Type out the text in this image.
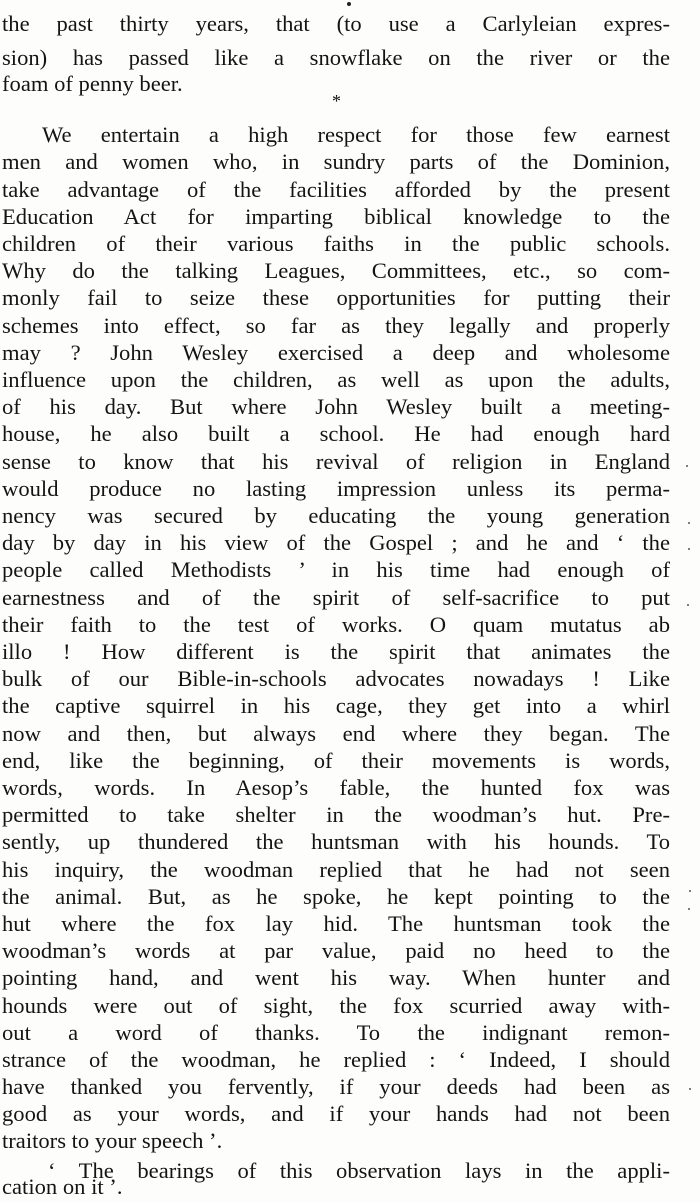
the past thirty years, that (to use a Carlyleian expres-
sion) has passed like a snowflake on the river or the
foam of penny beer.
*
We entertain a high respect for those few earnest
men and women who, in sundry parts of the Dominion,
take advantage of the facilities afforded by the present
Education Act for imparting biblical knowledge to the
children of their various faiths in the public schools.
Why do the talking Leagues, Committees, etc., so com-
monly fail to seize these opportunities for putting their
schemes into effect, so far as they legally and properly
may ? John Wesley exercised a deep and wholesome
influence upon the children, as well as upon the adults,
of his day. But where John Wesley built a meeting-
house, he also built a school. He had enough hard
sense to know that his revival of religion in England
would produce no lasting impression unless its perma-
nency was secured by educating the young generation
day by day in his view of the Gospel ; and he and ‘ the
people called Methodists ’ in his time had enough of
earnestness and of the spirit of self-sacrifice to put
their faith to the test of works. O quam mutatus ab
illo ! How different is the spirit that animates the
bulk of our Bible-in-schools advocates nowadays ! Like
the captive squirrel in his cage, they get into a whirl
now and then, but always end where they began. The
end, like the beginning, of their movements is words,
words, words. In Aesop’s fable, the hunted fox was
permitted to take shelter in the woodman’s hut. Pre-
sently, up thundered the huntsman with his hounds. To
his inquiry, the woodman replied that he had not seen
the animal. But, as he spoke, he kept pointing to the
hut where the fox lay hid. The huntsman took the
woodman’s words at par value, paid no heed to the
pointing hand, and went his way. When hunter and
hounds were out of sight, the fox scurried away with-
out a word of thanks. To the indignant remon-
strance of the woodman, he replied : ‘ Indeed, I should
have thanked you fervently, if your deeds had been as
good as your words, and if your hands had not been
traitors to your speech ’.
‘ The bearings of this observation lays in the appli-
cation on it ’.
